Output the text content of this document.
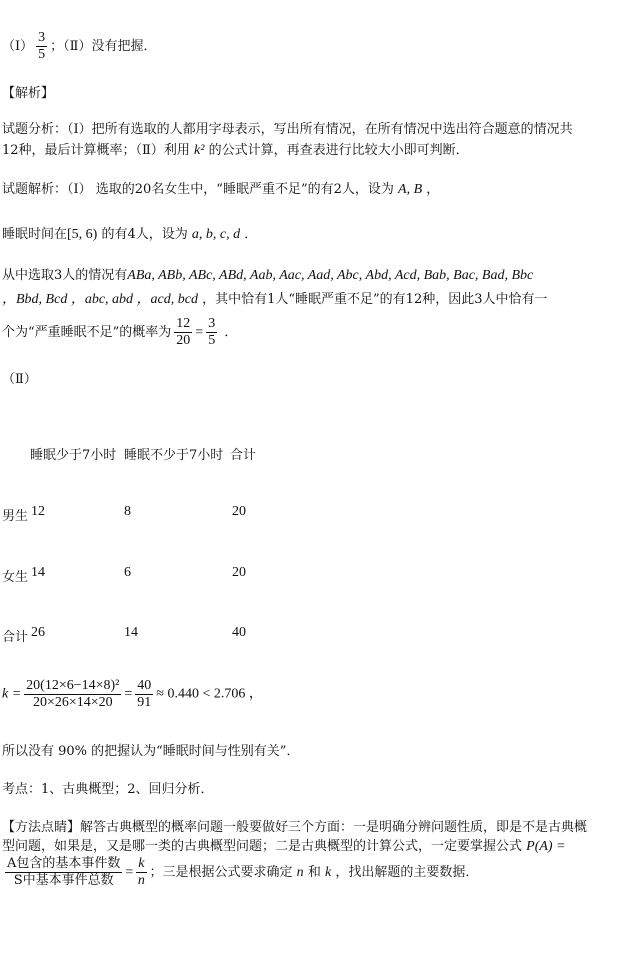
（Ⅰ） $\frac{3}{5}$ ；（Ⅱ）没有把握．
【解析】
试题分析：（Ⅰ）把所有选取的人都用字母表示，写出所有情况，在所有情况中选出符合题意的情况共
12种，最后计算概率；（Ⅱ）利用 k² 的公式计算，再查表进行比较大小即可判断．
试题解析：（Ⅰ） 选取的20名女生中，“睡眠严重不足”的有2人，设为 A, B ，
睡眠时间在[5, 6) 的有4人，设为 a, b, c, d ．
从中选取3人的情况有ABa, ABb, ABc, ABd, Aab, Aac, Aad, Abc, Abd, Acd, Bab, Bac, Bad, Bbc
，Bbd, Bcd ，abc, abd ，acd, bcd ，其中恰有1人“睡眠严重不足”的有12种，因此3人中恰有一
个为“严重睡眠不足”的概率为 $\frac{12}{20} = \frac{3}{5}$ ．
（Ⅱ）
睡眠少于7小时 睡眠不少于7小时 合计
男生 12	8	20
女生 14	6	20
合计 26	14	40
$k = \frac{\text{20(12×6−14×8)²}}{20\times 26\times 14\times 20} = \frac{40}{91} \approx 0.440 < 2.706$ ，
所以没有 90% 的把握认为“睡眠时间与性别有关”．
考点：1、古典概型；2、回归分析．
【方法点睛】解答古典概型的概率问题一般要做好三个方面：一是明确分辨问题性质，即是不是古典概
型问题，如果是，又是哪一类的古典概型问题；二是古典概型的计算公式，一定要掌握公式 P(A) =
$\frac{\text{A包含的基本事件数}}{\text{S中基本事件总数}} = \frac{k}{n}$ ；三是根据公式要求确定 n 和 k ，找出解题的主要数据．
